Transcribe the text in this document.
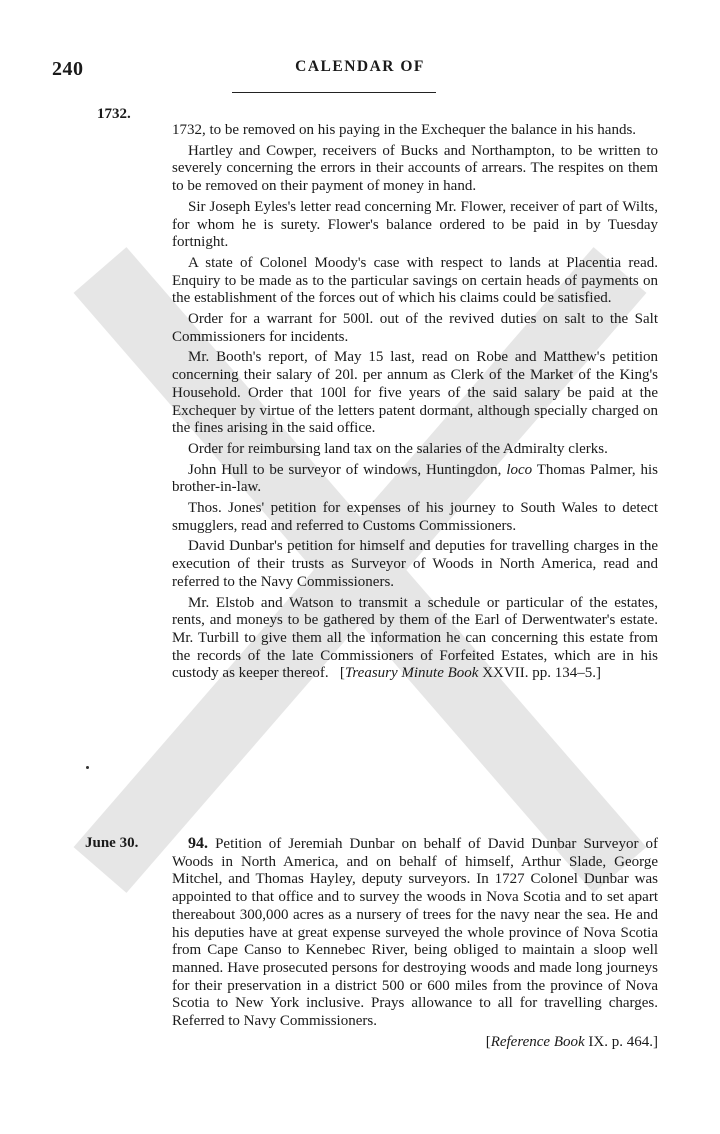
240	CALENDAR OF
1732.

1732, to be removed on his paying in the Exchequer the balance in his hands.

Hartley and Cowper, receivers of Bucks and Northampton, to be written to severely concerning the errors in their accounts of arrears. The respites on them to be removed on their payment of money in hand.

Sir Joseph Eyles's letter read concerning Mr. Flower, receiver of part of Wilts, for whom he is surety. Flower's balance ordered to be paid in by Tuesday fortnight.

A state of Colonel Moody's case with respect to lands at Placentia read. Enquiry to be made as to the particular savings on certain heads of payments on the establishment of the forces out of which his claims could be satisfied.

Order for a warrant for 500l. out of the revived duties on salt to the Salt Commissioners for incidents.

Mr. Booth's report, of May 15 last, read on Robe and Matthew's petition concerning their salary of 20l. per annum as Clerk of the Market of the King's Household. Order that 100l for five years of the said salary be paid at the Exchequer by virtue of the letters patent dormant, although specially charged on the fines arising in the said office.

Order for reimbursing land tax on the salaries of the Admiralty clerks.

John Hull to be surveyor of windows, Huntingdon, loco Thomas Palmer, his brother-in-law.

Thos. Jones' petition for expenses of his journey to South Wales to detect smugglers, read and referred to Customs Commissioners.

David Dunbar's petition for himself and deputies for travelling charges in the execution of their trusts as Surveyor of Woods in North America, read and referred to the Navy Commissioners.

Mr. Elstob and Watson to transmit a schedule or particular of the estates, rents, and moneys to be gathered by them of the Earl of Derwentwater's estate. Mr. Turbill to give them all the information he can concerning this estate from the records of the late Commissioners of Forfeited Estates, which are in his custody as keeper thereof. [Treasury Minute Book XXVII. pp. 134–5.]

June 30.	94. Petition of Jeremiah Dunbar on behalf of David Dunbar Surveyor of Woods in North America, and on behalf of himself, Arthur Slade, George Mitchel, and Thomas Hayley, deputy surveyors. In 1727 Colonel Dunbar was appointed to that office and to survey the woods in Nova Scotia and to set apart thereabout 300,000 acres as a nursery of trees for the navy near the sea. He and his deputies have at great expense surveyed the whole province of Nova Scotia from Cape Canso to Kennebec River, being obliged to maintain a sloop well manned. Have prosecuted persons for destroying woods and made long journeys for their preservation in a district 500 or 600 miles from the province of Nova Scotia to New York inclusive. Prays allowance to all for travelling charges. Referred to Navy Commissioners.

[Reference Book IX. p. 464.]
